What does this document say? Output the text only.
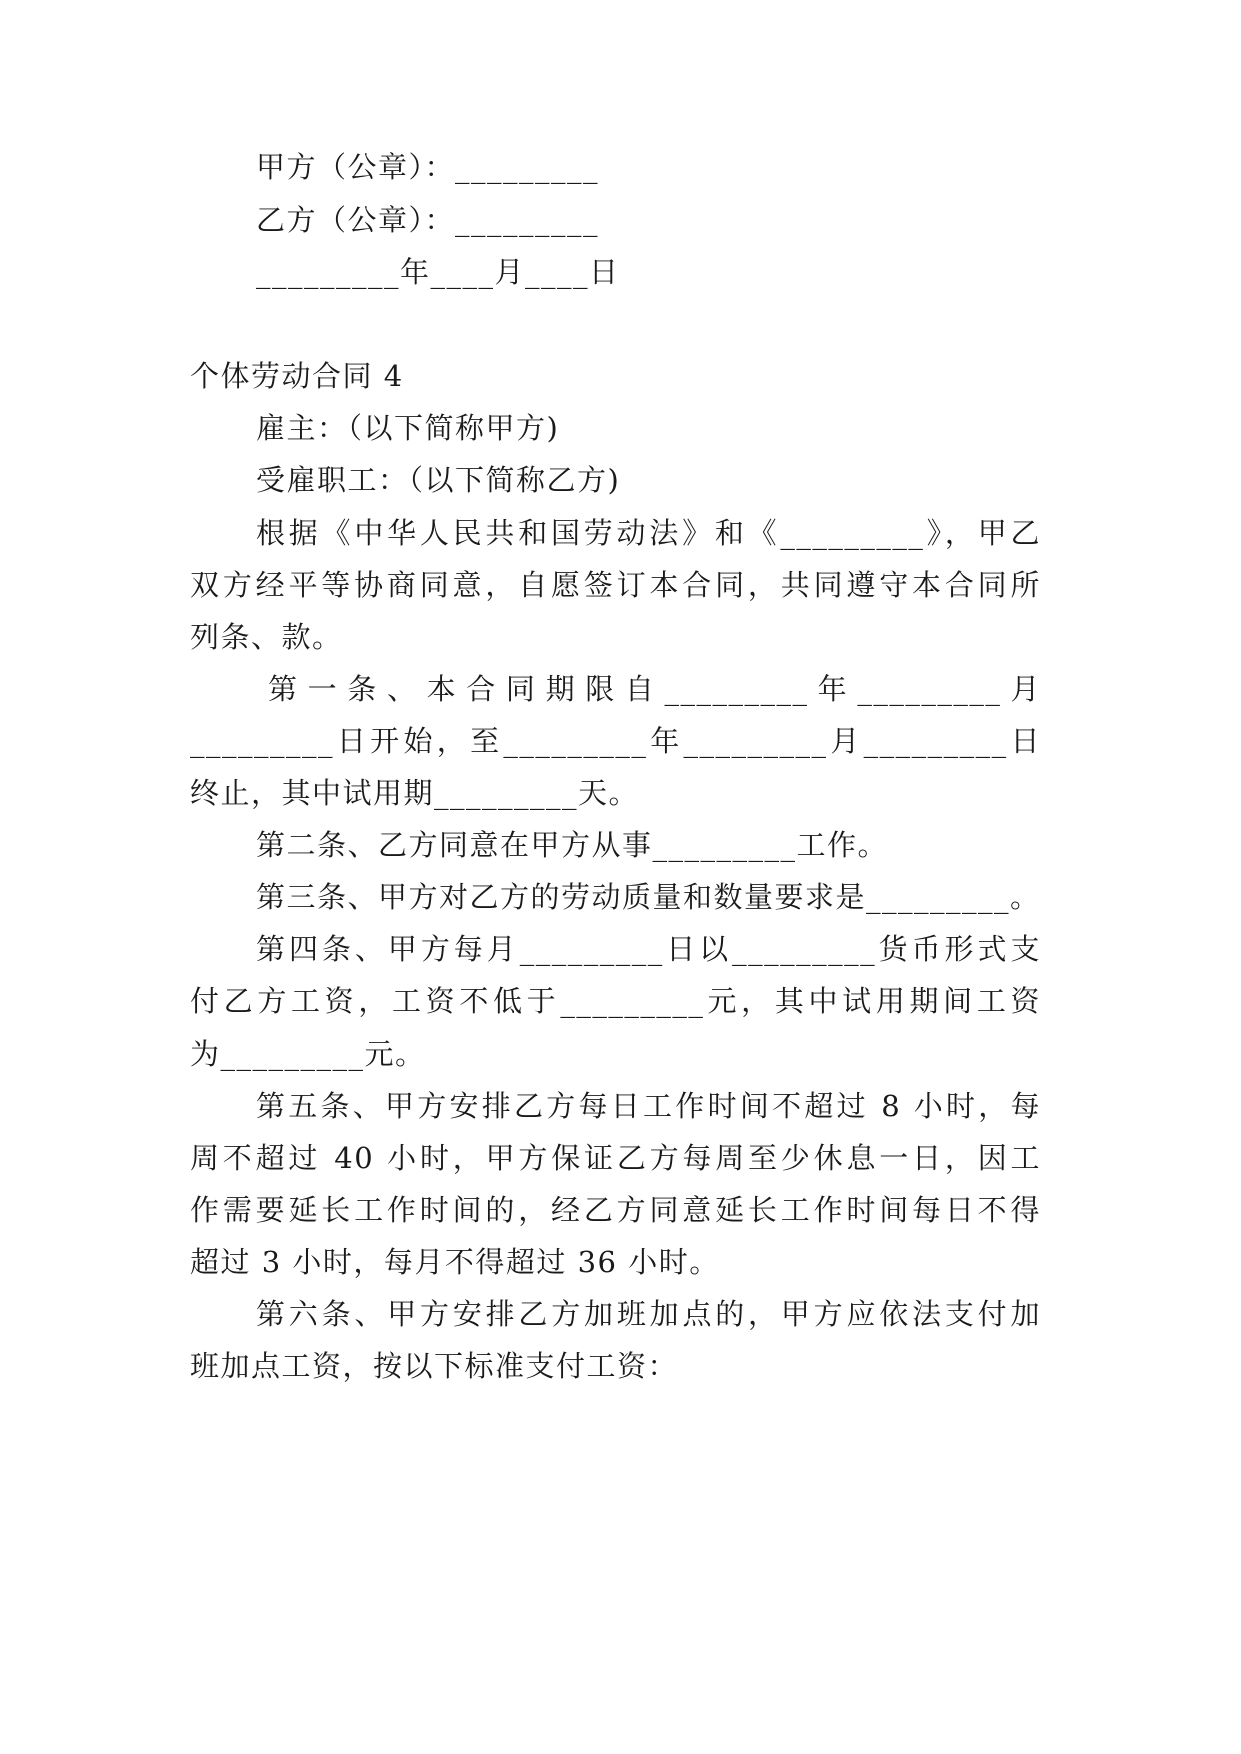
甲方（公章）：_________
乙方（公章）：_________
_________年____月____日
个体劳动合同 4
雇主：（以下简称甲方)
受雇职工：（以下简称乙方)
根据《中华人民共和国劳动法》和《_________》，甲乙
双方经平等协商同意，自愿签订本合同，共同遵守本合同所
列条、款。
第一条、本合同期限自_________年_________月
_________日开始，至_________年_________月_________日
终止，其中试用期_________天。
第二条、乙方同意在甲方从事_________工作。
第三条、甲方对乙方的劳动质量和数量要求是_________。
第四条、甲方每月_________日以_________货币形式支
付乙方工资，工资不低于_________元，其中试用期间工资
为_________元。
第五条、甲方安排乙方每日工作时间不超过 8 小时，每
周不超过 40 小时，甲方保证乙方每周至少休息一日，因工
作需要延长工作时间的，经乙方同意延长工作时间每日不得
超过 3 小时，每月不得超过 36 小时。
第六条、甲方安排乙方加班加点的，甲方应依法支付加
班加点工资，按以下标准支付工资：
